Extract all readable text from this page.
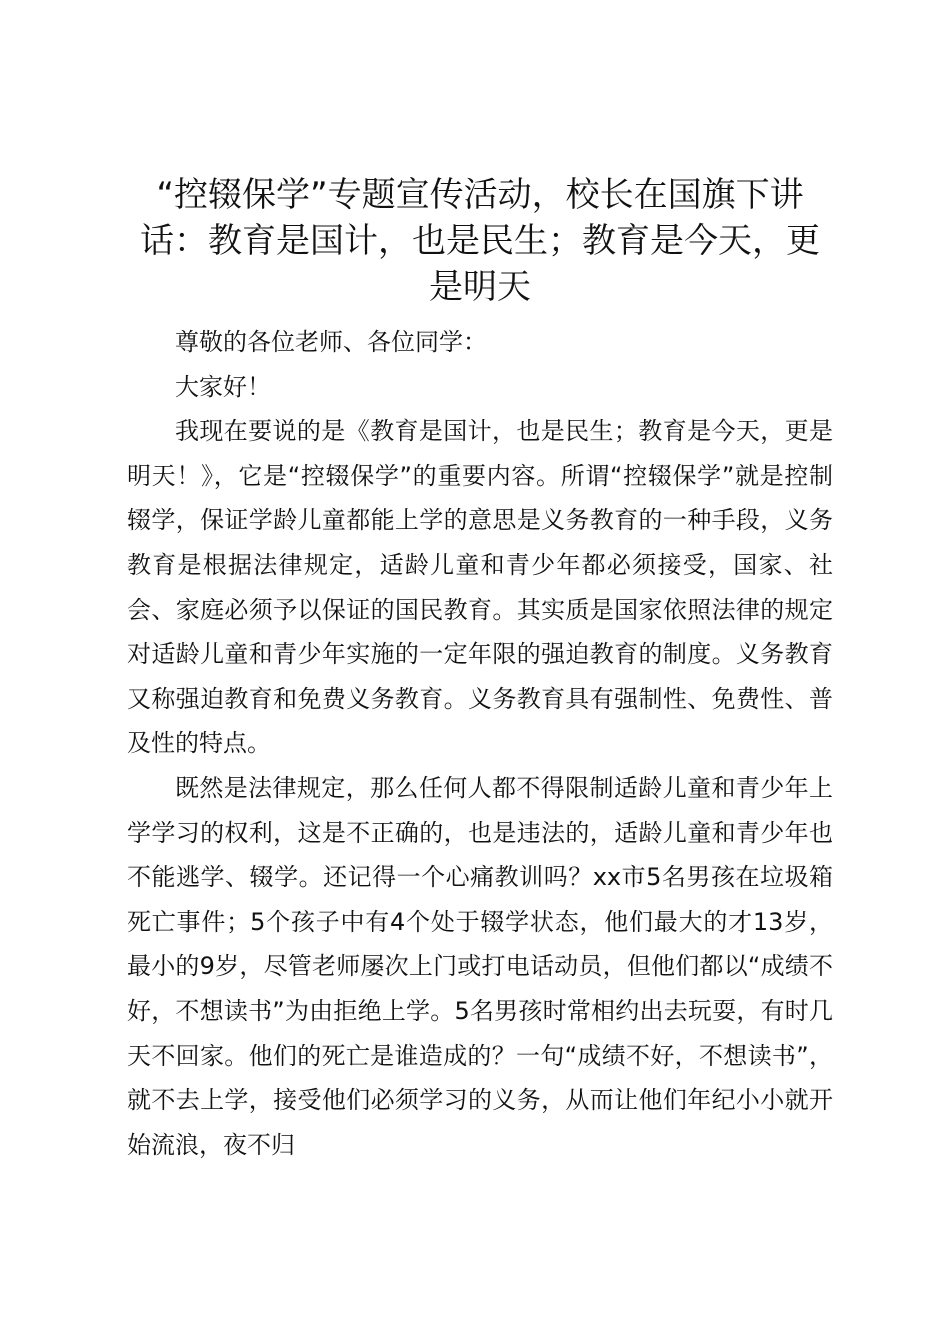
“控辍保学”专题宣传活动，校长在国旗下讲话：教育是国计，也是民生；教育是今天，更是明天

尊敬的各位老师、各位同学：

大家好！

我现在要说的是《教育是国计，也是民生；教育是今天，更是明天！》，它是“控辍保学”的重要内容。所谓“控辍保学”就是控制辍学，保证学龄儿童都能上学的意思是义务教育的一种手段，义务教育是根据法律规定，适龄儿童和青少年都必须接受，国家、社会、家庭必须予以保证的国民教育。其实质是国家依照法律的规定对适龄儿童和青少年实施的一定年限的强迫教育的制度。义务教育又称强迫教育和免费义务教育。义务教育具有强制性、免费性、普及性的特点。

既然是法律规定，那么任何人都不得限制适龄儿童和青少年上学学习的权利，这是不正确的，也是违法的，适龄儿童和青少年也不能逃学、辍学。还记得一个心痛教训吗？xx市5名男孩在垃圾箱死亡事件；5个孩子中有4个处于辍学状态，他们最大的才13岁，最小的9岁，尽管老师屡次上门或打电话动员，但他们都以“成绩不好，不想读书”为由拒绝上学。5名男孩时常相约出去玩耍，有时几天不回家。他们的死亡是谁造成的？一句“成绩不好，不想读书”，就不去上学，接受他们必须学习的义务，从而让他们年纪小小就开始流浪，夜不归
